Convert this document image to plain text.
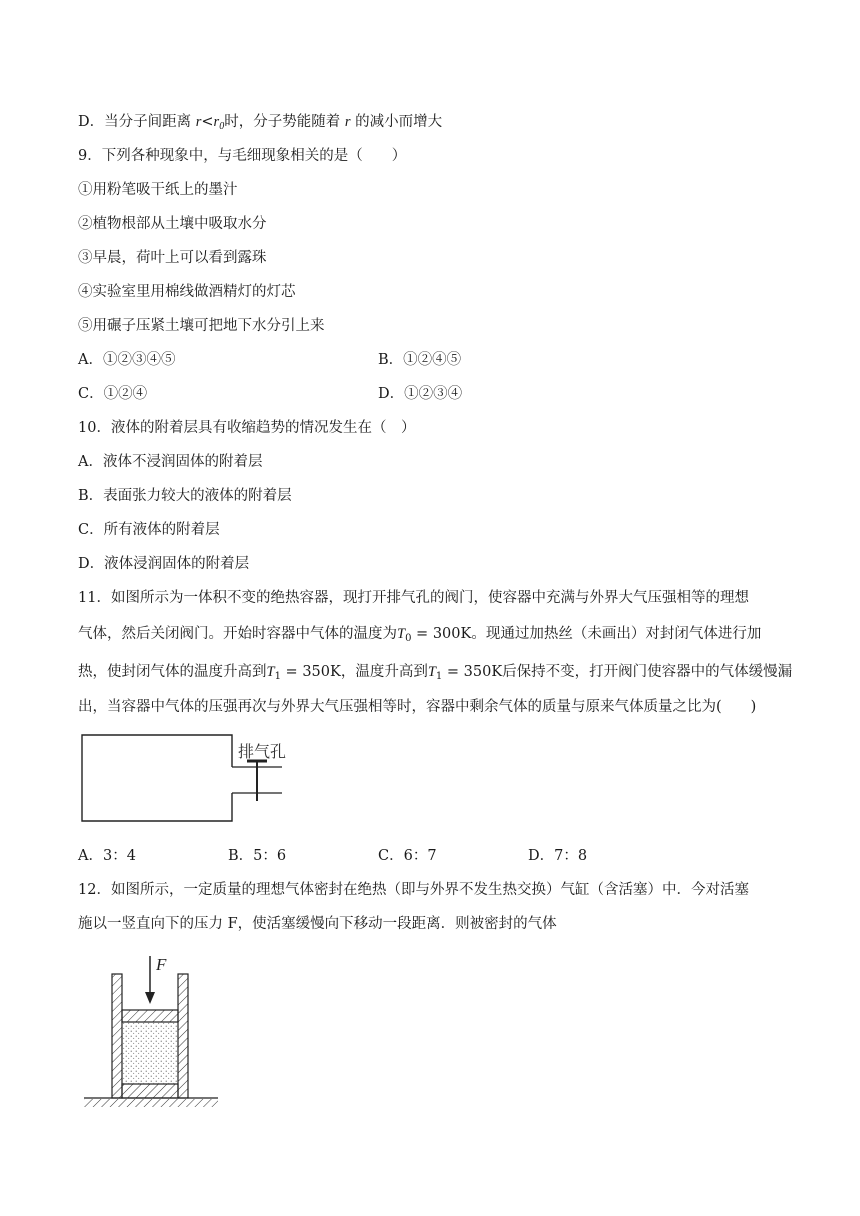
D．当分子间距离 $r<r_0$时，分子势能随着 r 的减小而增大
9．下列各种现象中，与毛细现象相关的是（　　）
①用粉笔吸干纸上的墨汁
②植物根部从土壤中吸取水分
③早晨，荷叶上可以看到露珠
④实验室里用棉线做酒精灯的灯芯
⑤用碾子压紧土壤可把地下水分引上来
A．①②③④⑤	B．①②④⑤
C．①②④	D．①②③④
10．液体的附着层具有收缩趋势的情况发生在（　）
A．液体不浸润固体的附着层
B．表面张力较大的液体的附着层
C．所有液体的附着层
D．液体浸润固体的附着层
11．如图所示为一体积不变的绝热容器，现打开排气孔的阀门，使容器中充满与外界大气压强相等的理想
气体，然后关闭阀门。开始时容器中气体的温度为$T_0 = 300K$。现通过加热丝（未画出）对封闭气体进行加
热，使封闭气体的温度升高到$T_1 = 350K$，温度升高到$T_1 = 350K$后保持不变，打开阀门使容器中的气体缓慢漏
出，当容器中气体的压强再次与外界大气压强相等时，容器中剩余气体的质量与原来气体质量之比为(　　)
排气孔
A．3：4	B．5：6	C．6：7	D．7：8
12．如图所示，一定质量的理想气体密封在绝热（即与外界不发生热交换）气缸（含活塞）中．今对活塞
施以一竖直向下的压力 F，使活塞缓慢向下移动一段距离．则被密封的气体
F
